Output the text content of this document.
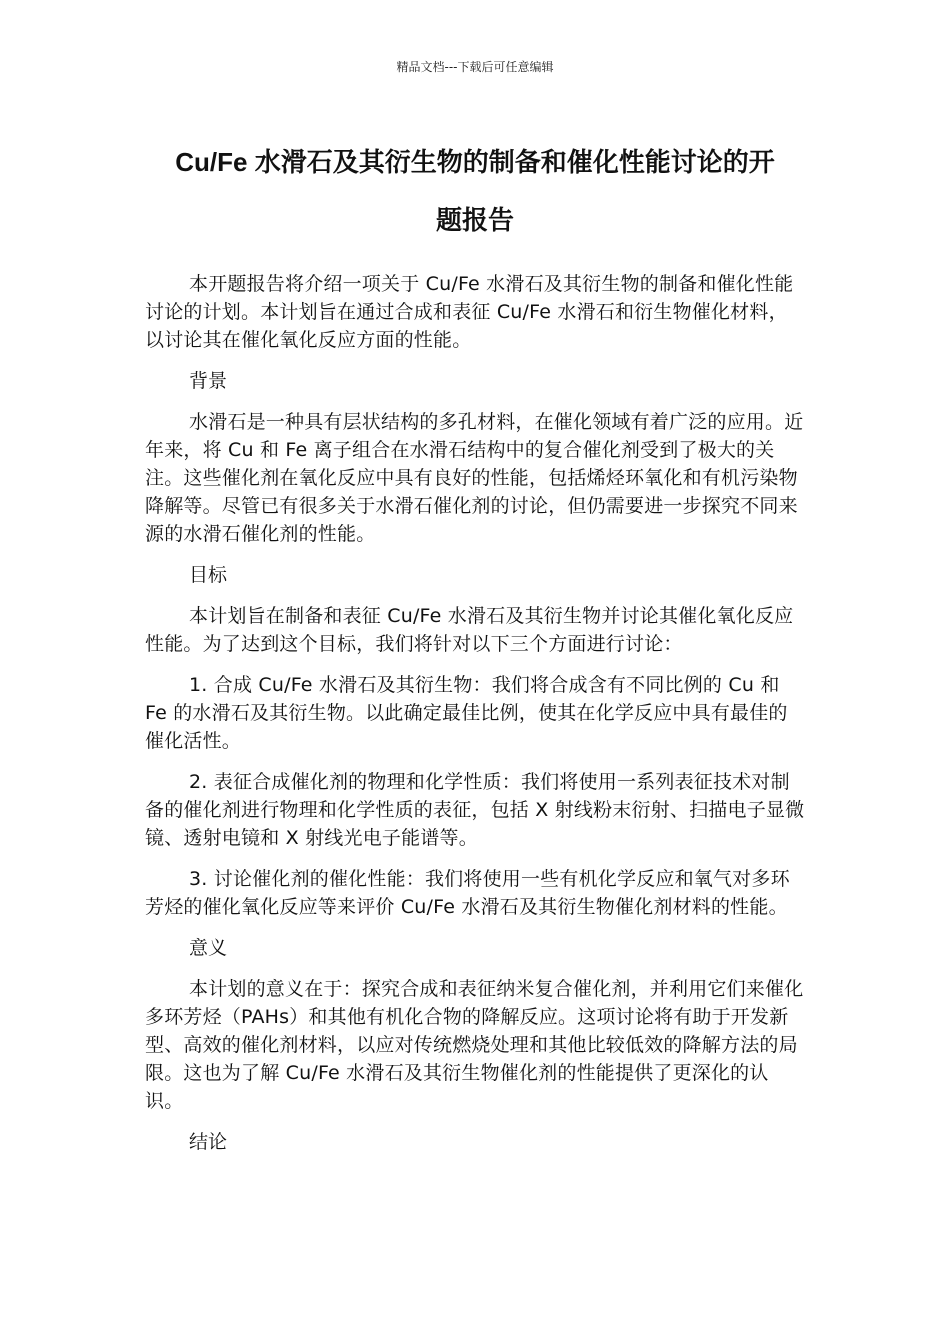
精品文档---下载后可任意编辑
Cu/Fe 水滑石及其衍生物的制备和催化性能讨论的开
题报告

本开题报告将介绍一项关于 Cu/Fe 水滑石及其衍生物的制备和催化性能讨论的计划。本计划旨在通过合成和表征 Cu/Fe 水滑石和衍生物催化材料，以讨论其在催化氧化反应方面的性能。

背景

水滑石是一种具有层状结构的多孔材料，在催化领域有着广泛的应用。近年来，将 Cu 和 Fe 离子组合在水滑石结构中的复合催化剂受到了极大的关注。这些催化剂在氧化反应中具有良好的性能，包括烯烃环氧化和有机污染物降解等。尽管已有很多关于水滑石催化剂的讨论，但仍需要进一步探究不同来源的水滑石催化剂的性能。

目标

本计划旨在制备和表征 Cu/Fe 水滑石及其衍生物并讨论其催化氧化反应性能。为了达到这个目标，我们将针对以下三个方面进行讨论：

1. 合成 Cu/Fe 水滑石及其衍生物：我们将合成含有不同比例的 Cu 和 Fe 的水滑石及其衍生物。以此确定最佳比例，使其在化学反应中具有最佳的催化活性。

2. 表征合成催化剂的物理和化学性质：我们将使用一系列表征技术对制备的催化剂进行物理和化学性质的表征，包括 X 射线粉末衍射、扫描电子显微镜、透射电镜和 X 射线光电子能谱等。

3. 讨论催化剂的催化性能：我们将使用一些有机化学反应和氧气对多环芳烃的催化氧化反应等来评价 Cu/Fe 水滑石及其衍生物催化剂材料的性能。

意义

本计划的意义在于：探究合成和表征纳米复合催化剂，并利用它们来催化多环芳烃（PAHs）和其他有机化合物的降解反应。这项讨论将有助于开发新型、高效的催化剂材料，以应对传统燃烧处理和其他比较低效的降解方法的局限。这也为了解 Cu/Fe 水滑石及其衍生物催化剂的性能提供了更深化的认识。

结论
